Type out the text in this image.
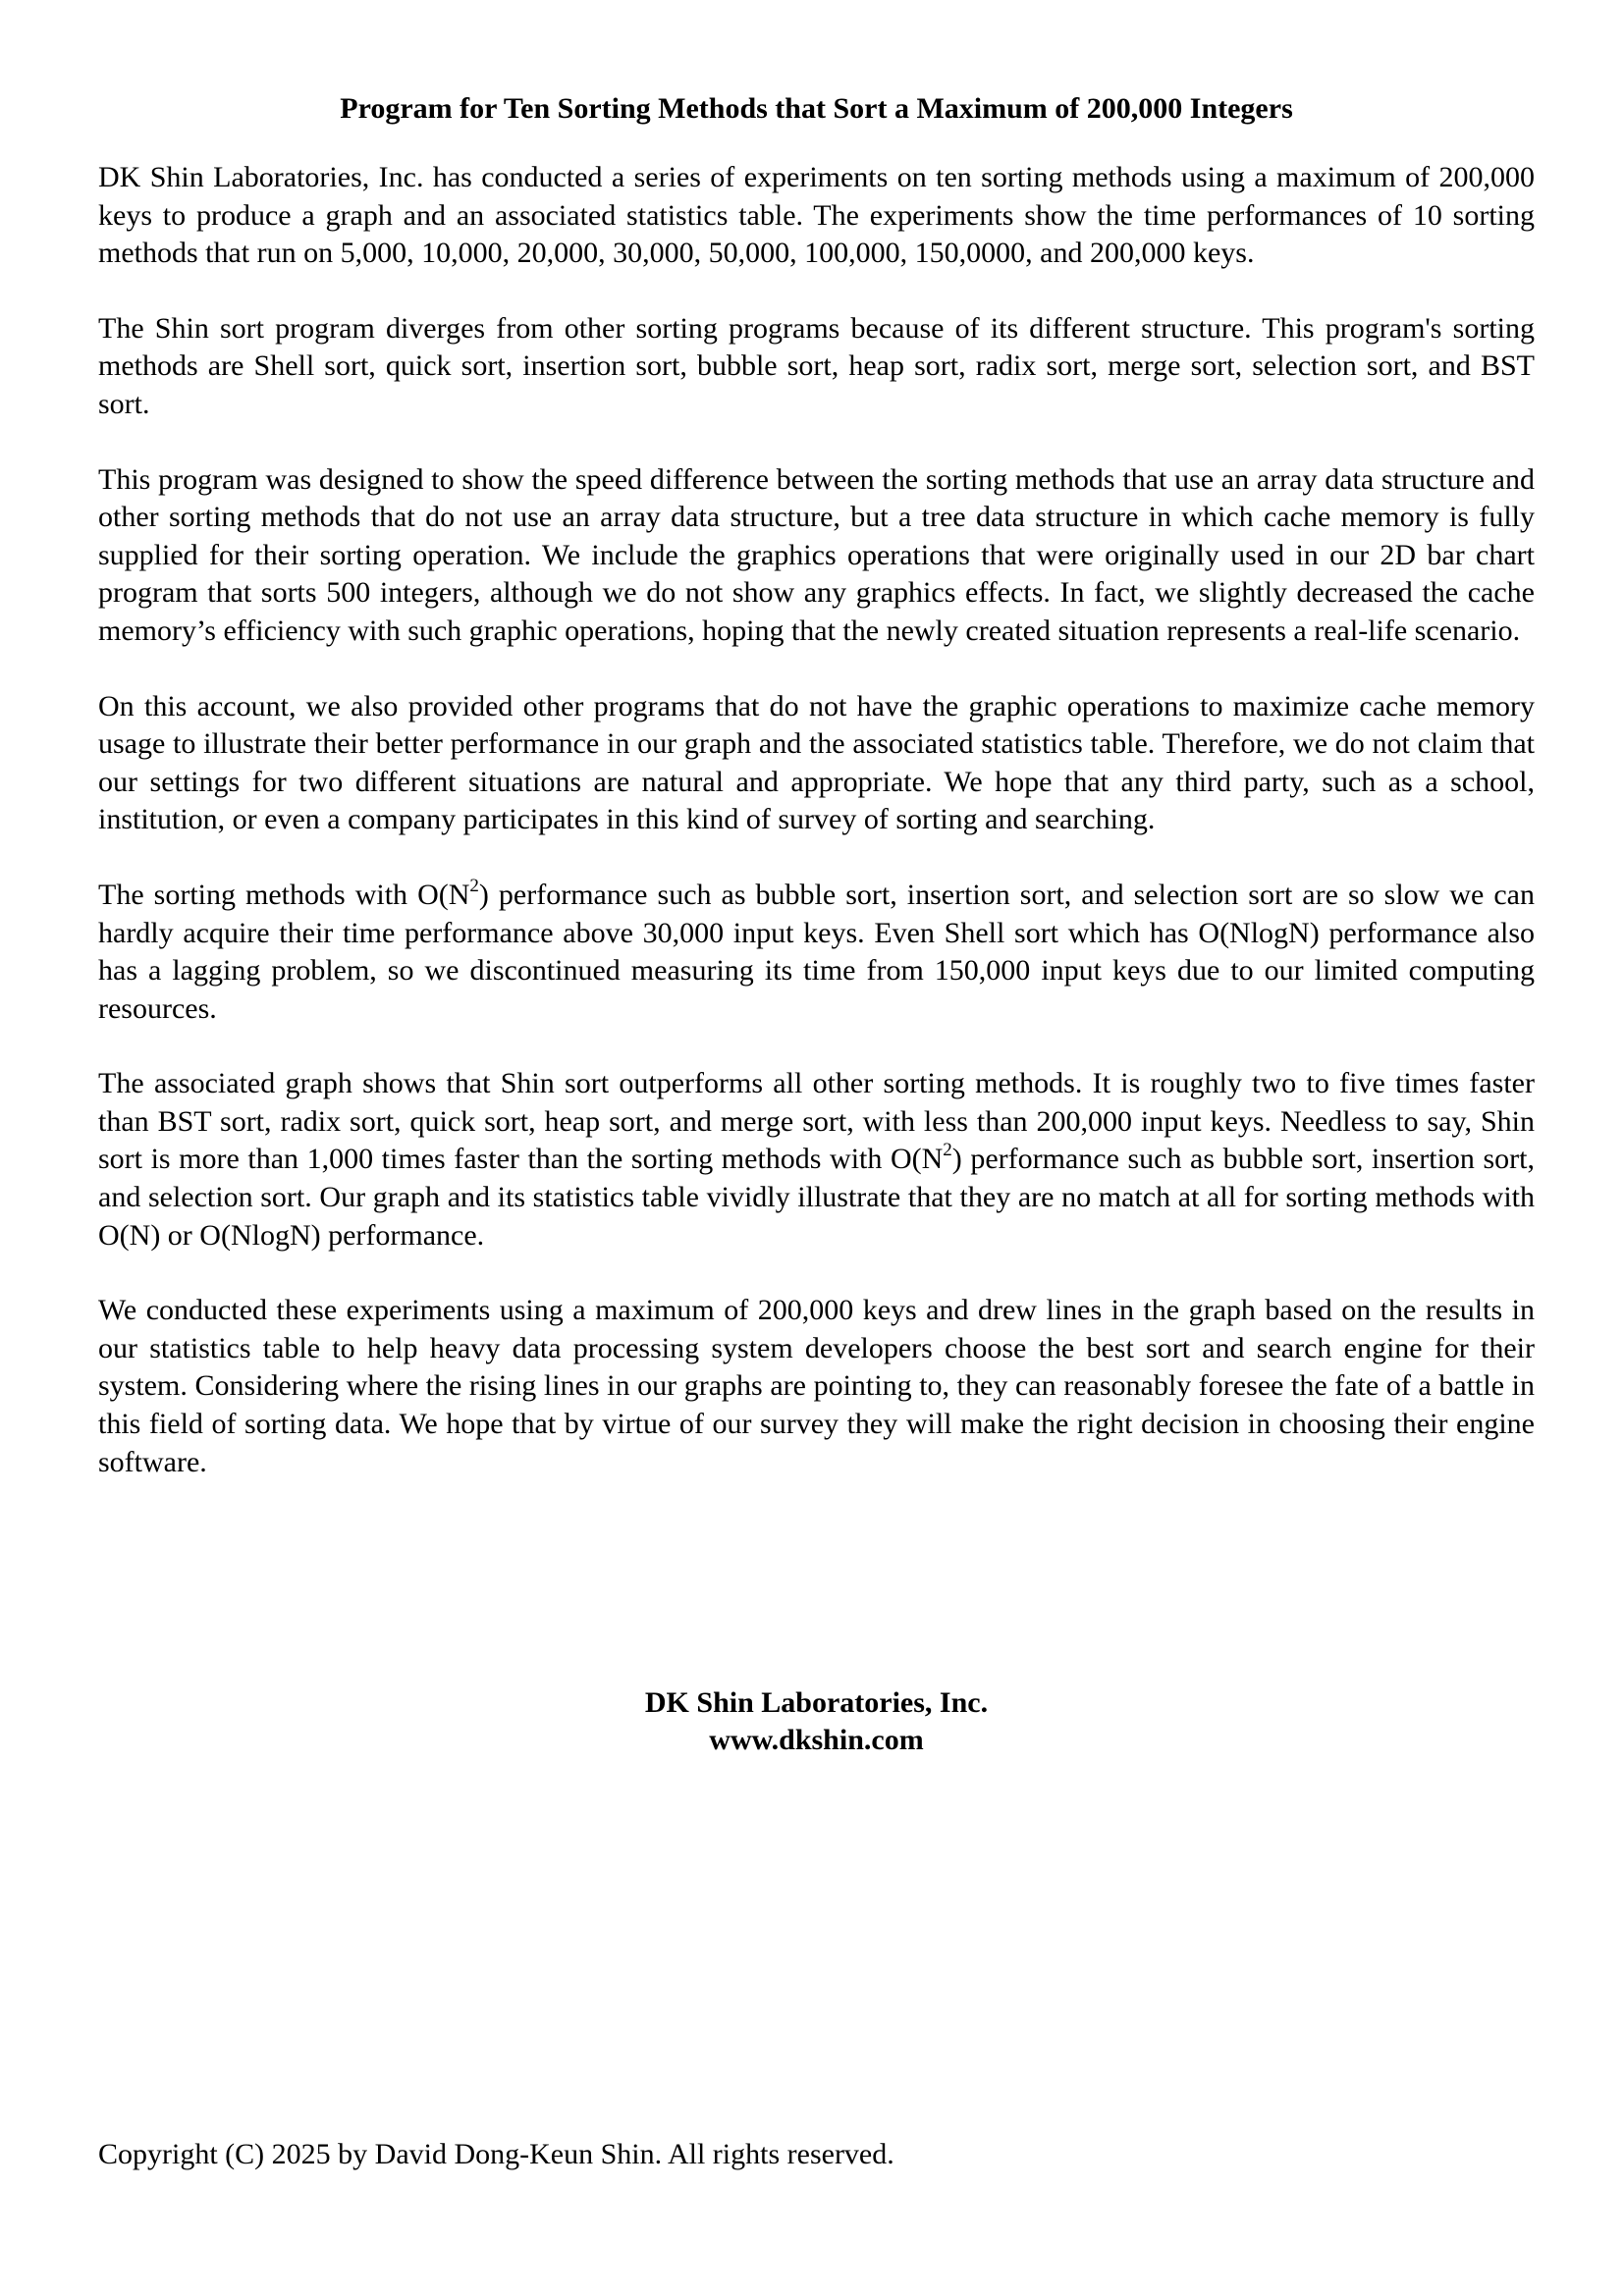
Program for Ten Sorting Methods that Sort a Maximum of 200,000 Integers

DK Shin Laboratories, Inc. has conducted a series of experiments on ten sorting methods using a maximum of 200,000 keys to produce a graph and an associated statistics table. The experiments show the time performances of 10 sorting methods that run on 5,000, 10,000, 20,000, 30,000, 50,000, 100,000, 150,0000, and 200,000 keys.

The Shin sort program diverges from other sorting programs because of its different structure. This program's sorting methods are Shell sort, quick sort, insertion sort, bubble sort, heap sort, radix sort, merge sort, selection sort, and BST sort.

This program was designed to show the speed difference between the sorting methods that use an array data structure and other sorting methods that do not use an array data structure, but a tree data structure in which cache memory is fully supplied for their sorting operation. We include the graphics operations that were originally used in our 2D bar chart program that sorts 500 integers, although we do not show any graphics effects. In fact, we slightly decreased the cache memory’s efficiency with such graphic operations, hoping that the newly created situation represents a real-life scenario.

On this account, we also provided other programs that do not have the graphic operations to maximize cache memory usage to illustrate their better performance in our graph and the associated statistics table. Therefore, we do not claim that our settings for two different situations are natural and appropriate. We hope that any third party, such as a school, institution, or even a company participates in this kind of survey of sorting and searching.

The sorting methods with $O(N^2)$ performance such as bubble sort, insertion sort, and selection sort are so slow we can hardly acquire their time performance above 30,000 input keys. Even Shell sort which has O(NlogN) performance also has a lagging problem, so we discontinued measuring its time from 150,000 input keys due to our limited computing resources.

The associated graph shows that Shin sort outperforms all other sorting methods. It is roughly two to five times faster than BST sort, radix sort, quick sort, heap sort, and merge sort, with less than 200,000 input keys. Needless to say, Shin sort is more than 1,000 times faster than the sorting methods with $O(N^2)$ performance such as bubble sort, insertion sort, and selection sort. Our graph and its statistics table vividly illustrate that they are no match at all for sorting methods with O(N) or O(NlogN) performance.

We conducted these experiments using a maximum of 200,000 keys and drew lines in the graph based on the results in our statistics table to help heavy data processing system developers choose the best sort and search engine for their system. Considering where the rising lines in our graphs are pointing to, they can reasonably foresee the fate of a battle in this field of sorting data. We hope that by virtue of our survey they will make the right decision in choosing their engine software.

DK Shin Laboratories, Inc.
www.dkshin.com
Copyright (C) 2025 by David Dong-Keun Shin. All rights reserved.
